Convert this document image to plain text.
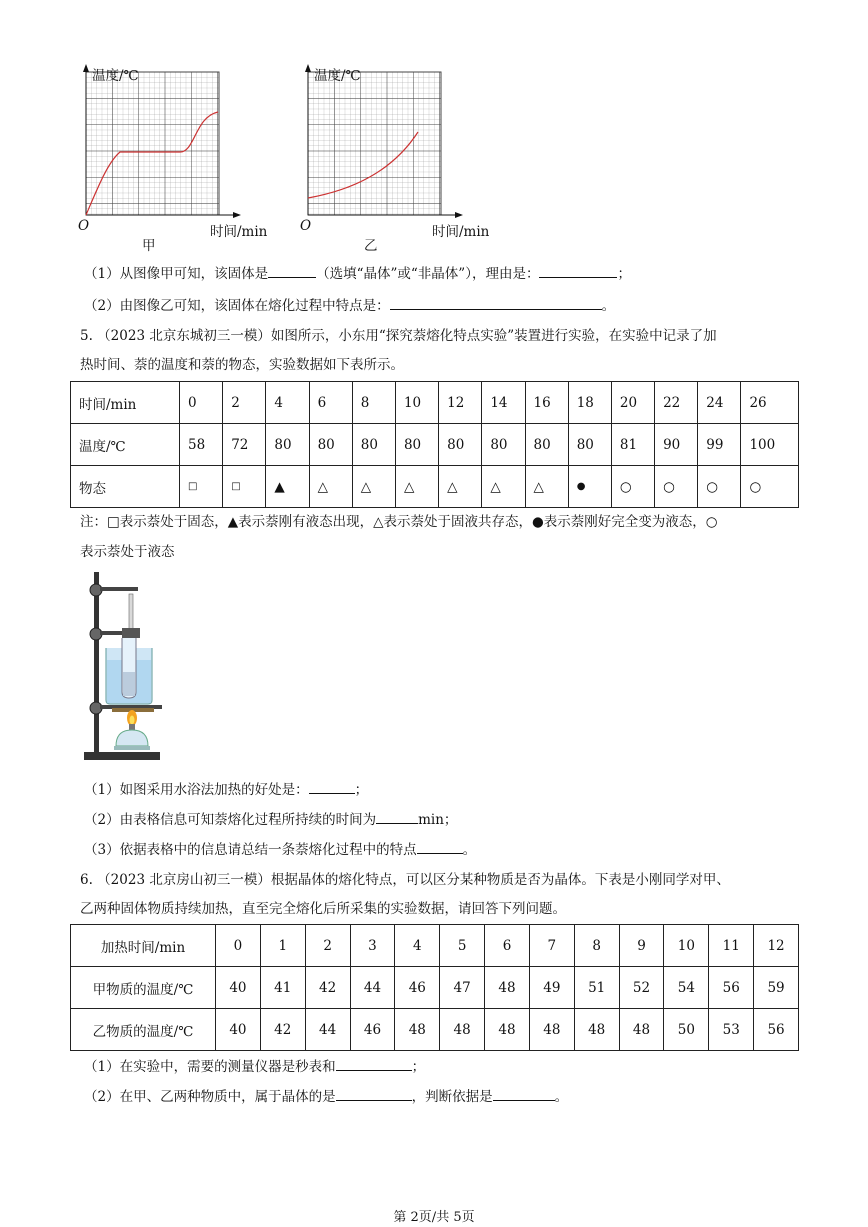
温度/℃
O	时间/min
甲
温度/℃
O	时间/min
乙
（1）从图像甲可知，该固体是	（选填“晶体”或“非晶体”），理由是：	；
（2）由图像乙可知，该固体在熔化过程中特点是：	。
5. （2023 北京东城初三一模）如图所示，小东用“探究萘熔化特点实验”装置进行实验，在实验中记录了加
热时间、萘的温度和萘的物态，实验数据如下表所示。
时间/min	0	2	4	6	8	10	12	14	16	18	20	22	24	26
温度/℃	58	72	80	80	80	80	80	80	80	80	81	90	99	100
物态	□	□	▲	△	△	△	△	△	△	●	○	○	○	○
注：□表示萘处于固态，▲表示萘刚有液态出现，△表示萘处于固液共存态，●表示萘刚好完全变为液态，○
表示萘处于液态
（1）如图采用水浴法加热的好处是：	；
（2）由表格信息可知萘熔化过程所持续的时间为	min；
（3）依据表格中的信息请总结一条萘熔化过程中的特点	。
6. （2023 北京房山初三一模）根据晶体的熔化特点，可以区分某种物质是否为晶体。下表是小刚同学对甲、
乙两种固体物质持续加热，直至完全熔化后所采集的实验数据，请回答下列问题。
加热时间/min	0	1	2	3	4	5	6	7	8	9	10	11	12
甲物质的温度/℃	40	41	42	44	46	47	48	49	51	52	54	56	59
乙物质的温度/℃	40	42	44	46	48	48	48	48	48	48	50	53	56
（1）在实验中，需要的测量仪器是秒表和	；
（2）在甲、乙两种物质中，属于晶体的是	，判断依据是	。
第 2页/共 5页
